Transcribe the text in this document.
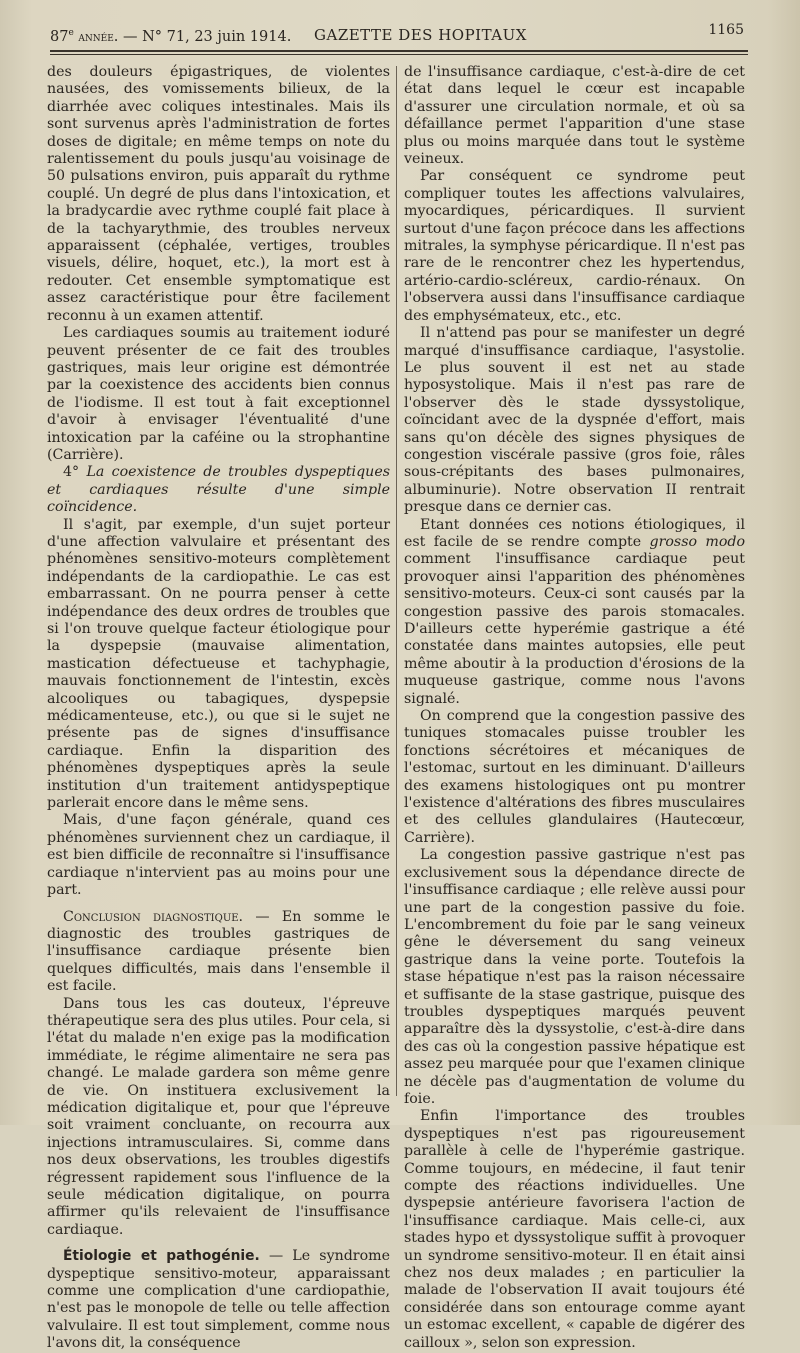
87e année. — N° 71, 23 juin 1914. GAZETTE DES HOPITAUX	1165

des douleurs épigastriques, de violentes nausées, des vomissements bilieux, de la diarrhée avec coliques intestinales. Mais ils sont survenus après l'administration de fortes doses de digitale; en même temps on note du ralentissement du pouls jusqu'au voisinage de 50 pulsations environ, puis apparaît du rythme couplé. Un degré de plus dans l'intoxication, et la bradycardie avec rythme couplé fait place à de la tachyarythmie, des troubles nerveux apparaissent (céphalée, vertiges, troubles visuels, délire, hoquet, etc.), la mort est à redouter. Cet ensemble symptomatique est assez caractéristique pour être facilement reconnu à un examen attentif.

Les cardiaques soumis au traitement ioduré peuvent présenter de ce fait des troubles gastriques, mais leur origine est démontrée par la coexistence des accidents bien connus de l'iodisme. Il est tout à fait exceptionnel d'avoir à envisager l'éventualité d'une intoxication par la caféine ou la strophantine (Carrière).

4° La coexistence de troubles dyspeptiques et cardiaques résulte d'une simple coïncidence.

Il s'agit, par exemple, d'un sujet porteur d'une affection valvulaire et présentant des phénomènes sensitivo-moteurs complètement indépendants de la cardiopathie. Le cas est embarrassant. On ne pourra penser à cette indépendance des deux ordres de troubles que si l'on trouve quelque facteur étiologique pour la dyspepsie (mauvaise alimentation, mastication défectueuse et tachyphagie, mauvais fonctionnement de l'intestin, excès alcooliques ou tabagiques, dyspepsie médicamenteuse, etc.), ou que si le sujet ne présente pas de signes d'insuffisance cardiaque. Enfin la disparition des phénomènes dyspeptiques après la seule institution d'un traitement antidyspeptique parlerait encore dans le même sens.

Mais, d'une façon générale, quand ces phénomènes surviennent chez un cardiaque, il est bien difficile de reconnaître si l'insuffisance cardiaque n'intervient pas au moins pour une part.

Conclusion diagnostique. — En somme le diagnostic des troubles gastriques de l'insuffisance cardiaque présente bien quelques difficultés, mais dans l'ensemble il est facile.

Dans tous les cas douteux, l'épreuve thérapeutique sera des plus utiles. Pour cela, si l'état du malade n'en exige pas la modification immédiate, le régime alimentaire ne sera pas changé. Le malade gardera son même genre de vie. On instituera exclusivement la médication digitalique et, pour que l'épreuve soit vraiment concluante, on recourra aux injections intramusculaires. Si, comme dans nos deux observations, les troubles digestifs régressent rapidement sous l'influence de la seule médication digitalique, on pourra affirmer qu'ils relevaient de l'insuffisance cardiaque.

Étiologie et pathogénie. — Le syndrome dyspeptique sensitivo-moteur, apparaissant comme une complication d'une cardiopathie, n'est pas le monopole de telle ou telle affection valvulaire. Il est tout simplement, comme nous l'avons dit, la conséquence

de l'insuffisance cardiaque, c'est-à-dire de cet état dans lequel le cœur est incapable d'assurer une circulation normale, et où sa défaillance permet l'apparition d'une stase plus ou moins marquée dans tout le système veineux.

Par conséquent ce syndrome peut compliquer toutes les affections valvulaires, myocardiques, péricardiques. Il survient surtout d'une façon précoce dans les affections mitrales, la symphyse péricardique. Il n'est pas rare de le rencontrer chez les hypertendus, artério-cardio-scléreux, cardio-rénaux. On l'observera aussi dans l'insuffisance cardiaque des emphysémateux, etc., etc.

Il n'attend pas pour se manifester un degré marqué d'insuffisance cardiaque, l'asystolie. Le plus souvent il est net au stade hyposystolique. Mais il n'est pas rare de l'observer dès le stade dyssystolique, coïncidant avec de la dyspnée d'effort, mais sans qu'on décèle des signes physiques de congestion viscérale passive (gros foie, râles sous-crépitants des bases pulmonaires, albuminurie). Notre observation II rentrait presque dans ce dernier cas.

Etant données ces notions étiologiques, il est facile de se rendre compte grosso modo comment l'insuffisance cardiaque peut provoquer ainsi l'apparition des phénomènes sensitivo-moteurs. Ceux-ci sont causés par la congestion passive des parois stomacales. D'ailleurs cette hyperémie gastrique a été constatée dans maintes autopsies, elle peut même aboutir à la production d'érosions de la muqueuse gastrique, comme nous l'avons signalé.

On comprend que la congestion passive des tuniques stomacales puisse troubler les fonctions sécrétoires et mécaniques de l'estomac, surtout en les diminuant. D'ailleurs des examens histologiques ont pu montrer l'existence d'altérations des fibres musculaires et des cellules glandulaires (Hautecœur, Carrière).

La congestion passive gastrique n'est pas exclusivement sous la dépendance directe de l'insuffisance cardiaque ; elle relève aussi pour une part de la congestion passive du foie. L'encombrement du foie par le sang veineux gêne le déversement du sang veineux gastrique dans la veine porte. Toutefois la stase hépatique n'est pas la raison nécessaire et suffisante de la stase gastrique, puisque des troubles dyspeptiques marqués peuvent apparaître dès la dyssystolie, c'est-à-dire dans des cas où la congestion passive hépatique est assez peu marquée pour que l'examen clinique ne décèle pas d'augmentation de volume du foie.

Enfin l'importance des troubles dyspeptiques n'est pas rigoureusement parallèle à celle de l'hyperémie gastrique. Comme toujours, en médecine, il faut tenir compte des réactions individuelles. Une dyspepsie antérieure favorisera l'action de l'insuffisance cardiaque. Mais celle-ci, aux stades hypo et dyssystolique suffit à provoquer un syndrome sensitivo-moteur. Il en était ainsi chez nos deux malades ; en particulier la malade de l'observation II avait toujours été considérée dans son entourage comme ayant un estomac excellent, « capable de digérer des cailloux », selon son expression.
